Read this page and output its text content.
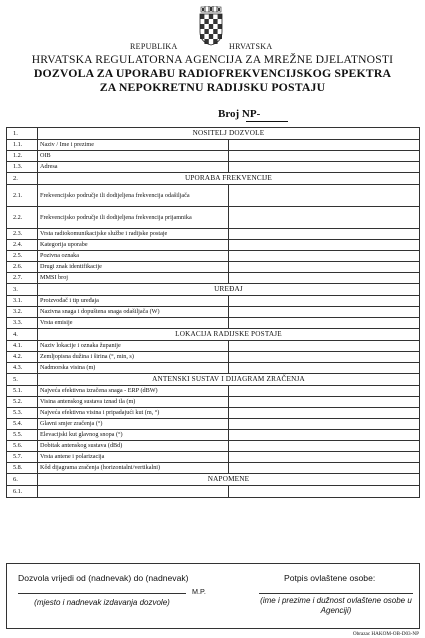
REPUBLIKA	HRVATSKA
HRVATSKA REGULATORNA AGENCIJA ZA MREŽNE DJELATNOSTI
DOZVOLA ZA UPORABU RADIOFREKVENCIJSKOG SPEKTRA
ZA NEPOKRETNU RADIJSKU POSTAJU
Broj NP-
1.	NOSITELJ DOZVOLE	
1.1.	Naziv / Ime i prezime	
1.2.	OIB	
1.3.	Adresa	
2.	UPORABA FREKVENCIJE	
2.1.	Frekvencijsko područje ili dodijeljena frekvencija odašiljača	
2.2.	Frekvencijsko područje ili dodijeljena frekvencija prijamnika	
2.3.	Vrsta radiokomunikacijske službe i radijske postaje	
2.4.	Kategorija uporabe	
2.5.	Pozivna oznaka	
2.6.	Drugi znak identifikacije	
2.7.	MMSI broj	
3.	UREĐAJ	
3.1.	Proizvođač i tip uređaja	
3.2.	Nazivna snaga i dopuštena snaga odašiljača (W)	
3.3.	Vrsta emisije	
4.	LOKACIJA RADIJSKE POSTAJE	
4.1.	Naziv lokacije i oznaka županije	
4.2.	Zemljopisna dužina i širina (°, min, s)	
4.3.	Nadmorska visina (m)	
5.	ANTENSKI SUSTAV I DIJAGRAM ZRAČENJA	
5.1.	Najveća efektivna izračena snaga - ERP (dBW)	
5.2.	Visina antenskog sustava iznad tla (m)	
5.3.	Najveća efektivna visina i pripadajući kut (m, °)	
5.4.	Glavni smjer zračenja (°)	
5.5.	Elevacijski kut glavnog snopa (°)	
5.6.	Dobitak antenskog sustava (dBd)	
5.7.	Vrsta antene i polarizacija	
5.8.	Kôd dijagrama zračenja (horizontalni/vertikalni)	
6.	NAPOMENE	
6.1.		
Dozvola vrijedi od (nadnevak) do (nadnevak)
M.P.
(mjesto i nadnevak izdavanja dozvole)
Potpis ovlaštene osobe:
(ime i prezime i dužnost ovlaštene osobe u Agenciji)
Obrazac HAKOM-OB-D03-NP
